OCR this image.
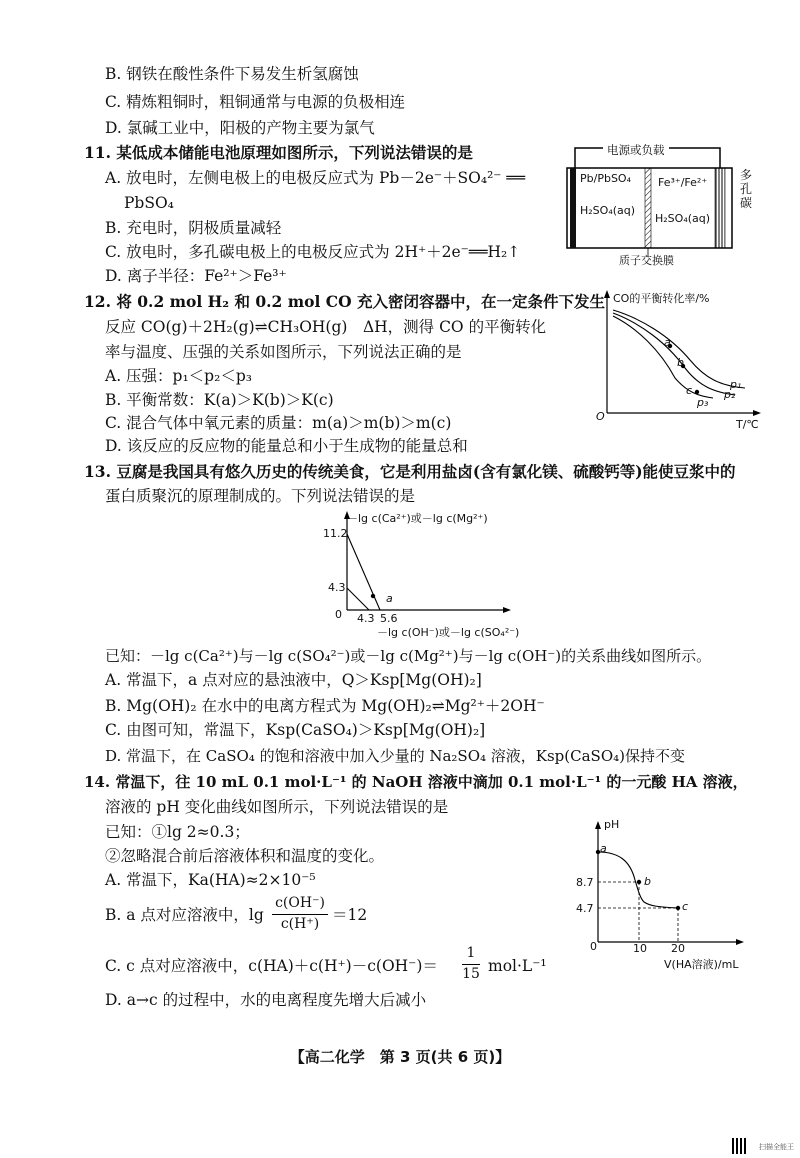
B. 钢铁在酸性条件下易发生析氢腐蚀
C. 精炼粗铜时，粗铜通常与电源的负极相连
D. 氯碱工业中，阳极的产物主要为氯气
11. 某低成本储能电池原理如图所示，下列说法错误的是
A. 放电时，左侧电极上的电极反应式为 Pb－2e⁻＋SO₄²⁻ ══
PbSO₄
B. 充电时，阴极质量减轻
C. 放电时，多孔碳电极上的电极反应式为 2H⁺＋2e⁻══H₂↑
D. 离子半径：Fe²⁺＞Fe³⁺
电源或负载
Pb/PbSO₄
H₂SO₄(aq)
Fe³⁺/Fe²⁺
H₂SO₄(aq)
多孔碳
质子交换膜
12. 将 0.2 mol H₂ 和 0.2 mol CO 充入密闭容器中，在一定条件下发生
反应 CO(g)＋2H₂(g)⇌CH₃OH(g)　ΔH，测得 CO 的平衡转化
率与温度、压强的关系如图所示，下列说法正确的是
A. 压强：p₁＜p₂＜p₃
B. 平衡常数：K(a)＞K(b)＞K(c)
C. 混合气体中氧元素的质量：m(a)＞m(b)＞m(c)
D. 该反应的反应物的能量总和小于生成物的能量总和
CO的平衡转化率/%
T/℃
O
a
b
c	p₁
p₂
p₃
13. 豆腐是我国具有悠久历史的传统美食，它是利用盐卤(含有氯化镁、硫酸钙等)能使豆浆中的
蛋白质聚沉的原理制成的。下列说法错误的是
－lg c(Ca²⁺)或－lg c(Mg²⁺)
11.2
4.3
0 4.3 5.6
a
－lg c(OH⁻)或－lg c(SO₄²⁻)
已知：－lg c(Ca²⁺)与－lg c(SO₄²⁻)或－lg c(Mg²⁺)与－lg c(OH⁻)的关系曲线如图所示。
A. 常温下，a 点对应的悬浊液中，Q＞Ksp[Mg(OH)₂]
B. Mg(OH)₂ 在水中的电离方程式为 Mg(OH)₂⇌Mg²⁺＋2OH⁻
C. 由图可知，常温下，Ksp(CaSO₄)＞Ksp[Mg(OH)₂]
D. 常温下，在 CaSO₄ 的饱和溶液中加入少量的 Na₂SO₄ 溶液，Ksp(CaSO₄)保持不变
14. 常温下，往 10 mL 0.1 mol·L⁻¹ 的 NaOH 溶液中滴加 0.1 mol·L⁻¹ 的一元酸 HA 溶液，
溶液的 pH 变化曲线如图所示，下列说法错误的是
已知：①lg 2≈0.3；
②忽略混合前后溶液体积和温度的变化。
A. 常温下，Ka(HA)≈2×10⁻⁵
B. a 点对应溶液中，lg
c(OH⁻)
c(H⁺) ＝12
C. c 点对应溶液中，c(HA)＋c(H⁺)－c(OH⁻)＝
1
15 mol·L⁻¹
D. a→c 的过程中，水的电离程度先增大后减小
pH
8.7
4.7
0	10 20
a
b
c
V(HA溶液)/mL
【高二化学　第 3 页(共 6 页)】
扫描全能王
